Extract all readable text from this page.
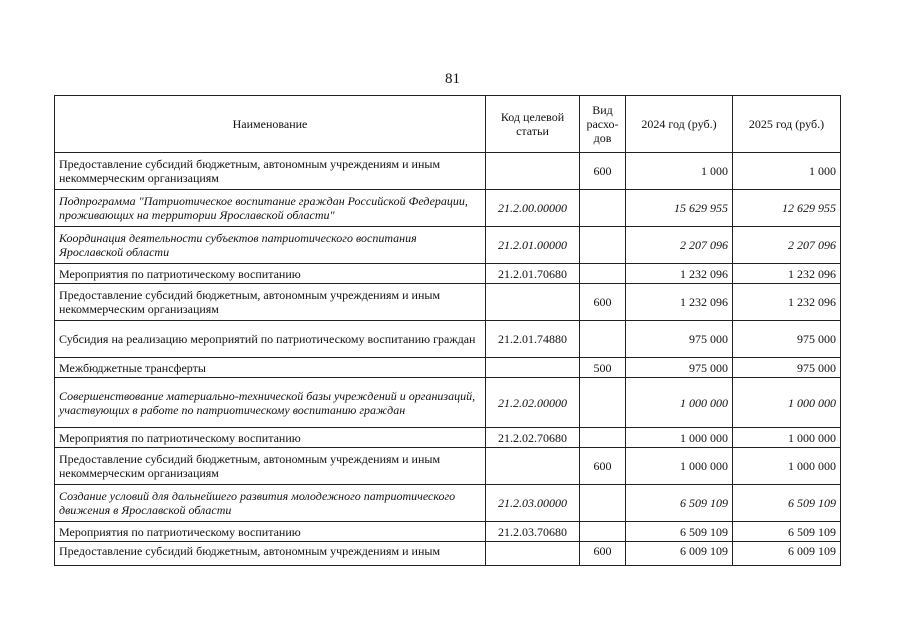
81
Наименование	Код целевой статьи	Вид расхо-дов	2024 год (руб.)	2025 год (руб.)
Предоставление субсидий бюджетным, автономным учреждениям и иным некоммерческим организациям		600	1 000	1 000
Подпрограмма "Патриотическое воспитание граждан Российской Федерации, проживающих на территории Ярославской области"	21.2.00.00000		15 629 955	12 629 955
Координация деятельности субъектов патриотического воспитания Ярославской области	21.2.01.00000		2 207 096	2 207 096
Мероприятия по патриотическому воспитанию	21.2.01.70680		1 232 096	1 232 096
Предоставление субсидий бюджетным, автономным учреждениям и иным некоммерческим организациям		600	1 232 096	1 232 096
Субсидия на реализацию мероприятий по патриотическому воспитанию граждан	21.2.01.74880		975 000	975 000
Межбюджетные трансферты		500	975 000	975 000
Совершенствование материально-технической базы учреждений и организаций, участвующих в работе по патриотическому воспитанию граждан	21.2.02.00000		1 000 000	1 000 000
Мероприятия по патриотическому воспитанию	21.2.02.70680		1 000 000	1 000 000
Предоставление субсидий бюджетным, автономным учреждениям и иным некоммерческим организациям		600	1 000 000	1 000 000
Создание условий для дальнейшего развития молодежного патриотического движения в Ярославской области	21.2.03.00000		6 509 109	6 509 109
Мероприятия по патриотическому воспитанию	21.2.03.70680		6 509 109	6 509 109
Предоставление субсидий бюджетным, автономным учреждениям и иным		600	6 009 109	6 009 109
